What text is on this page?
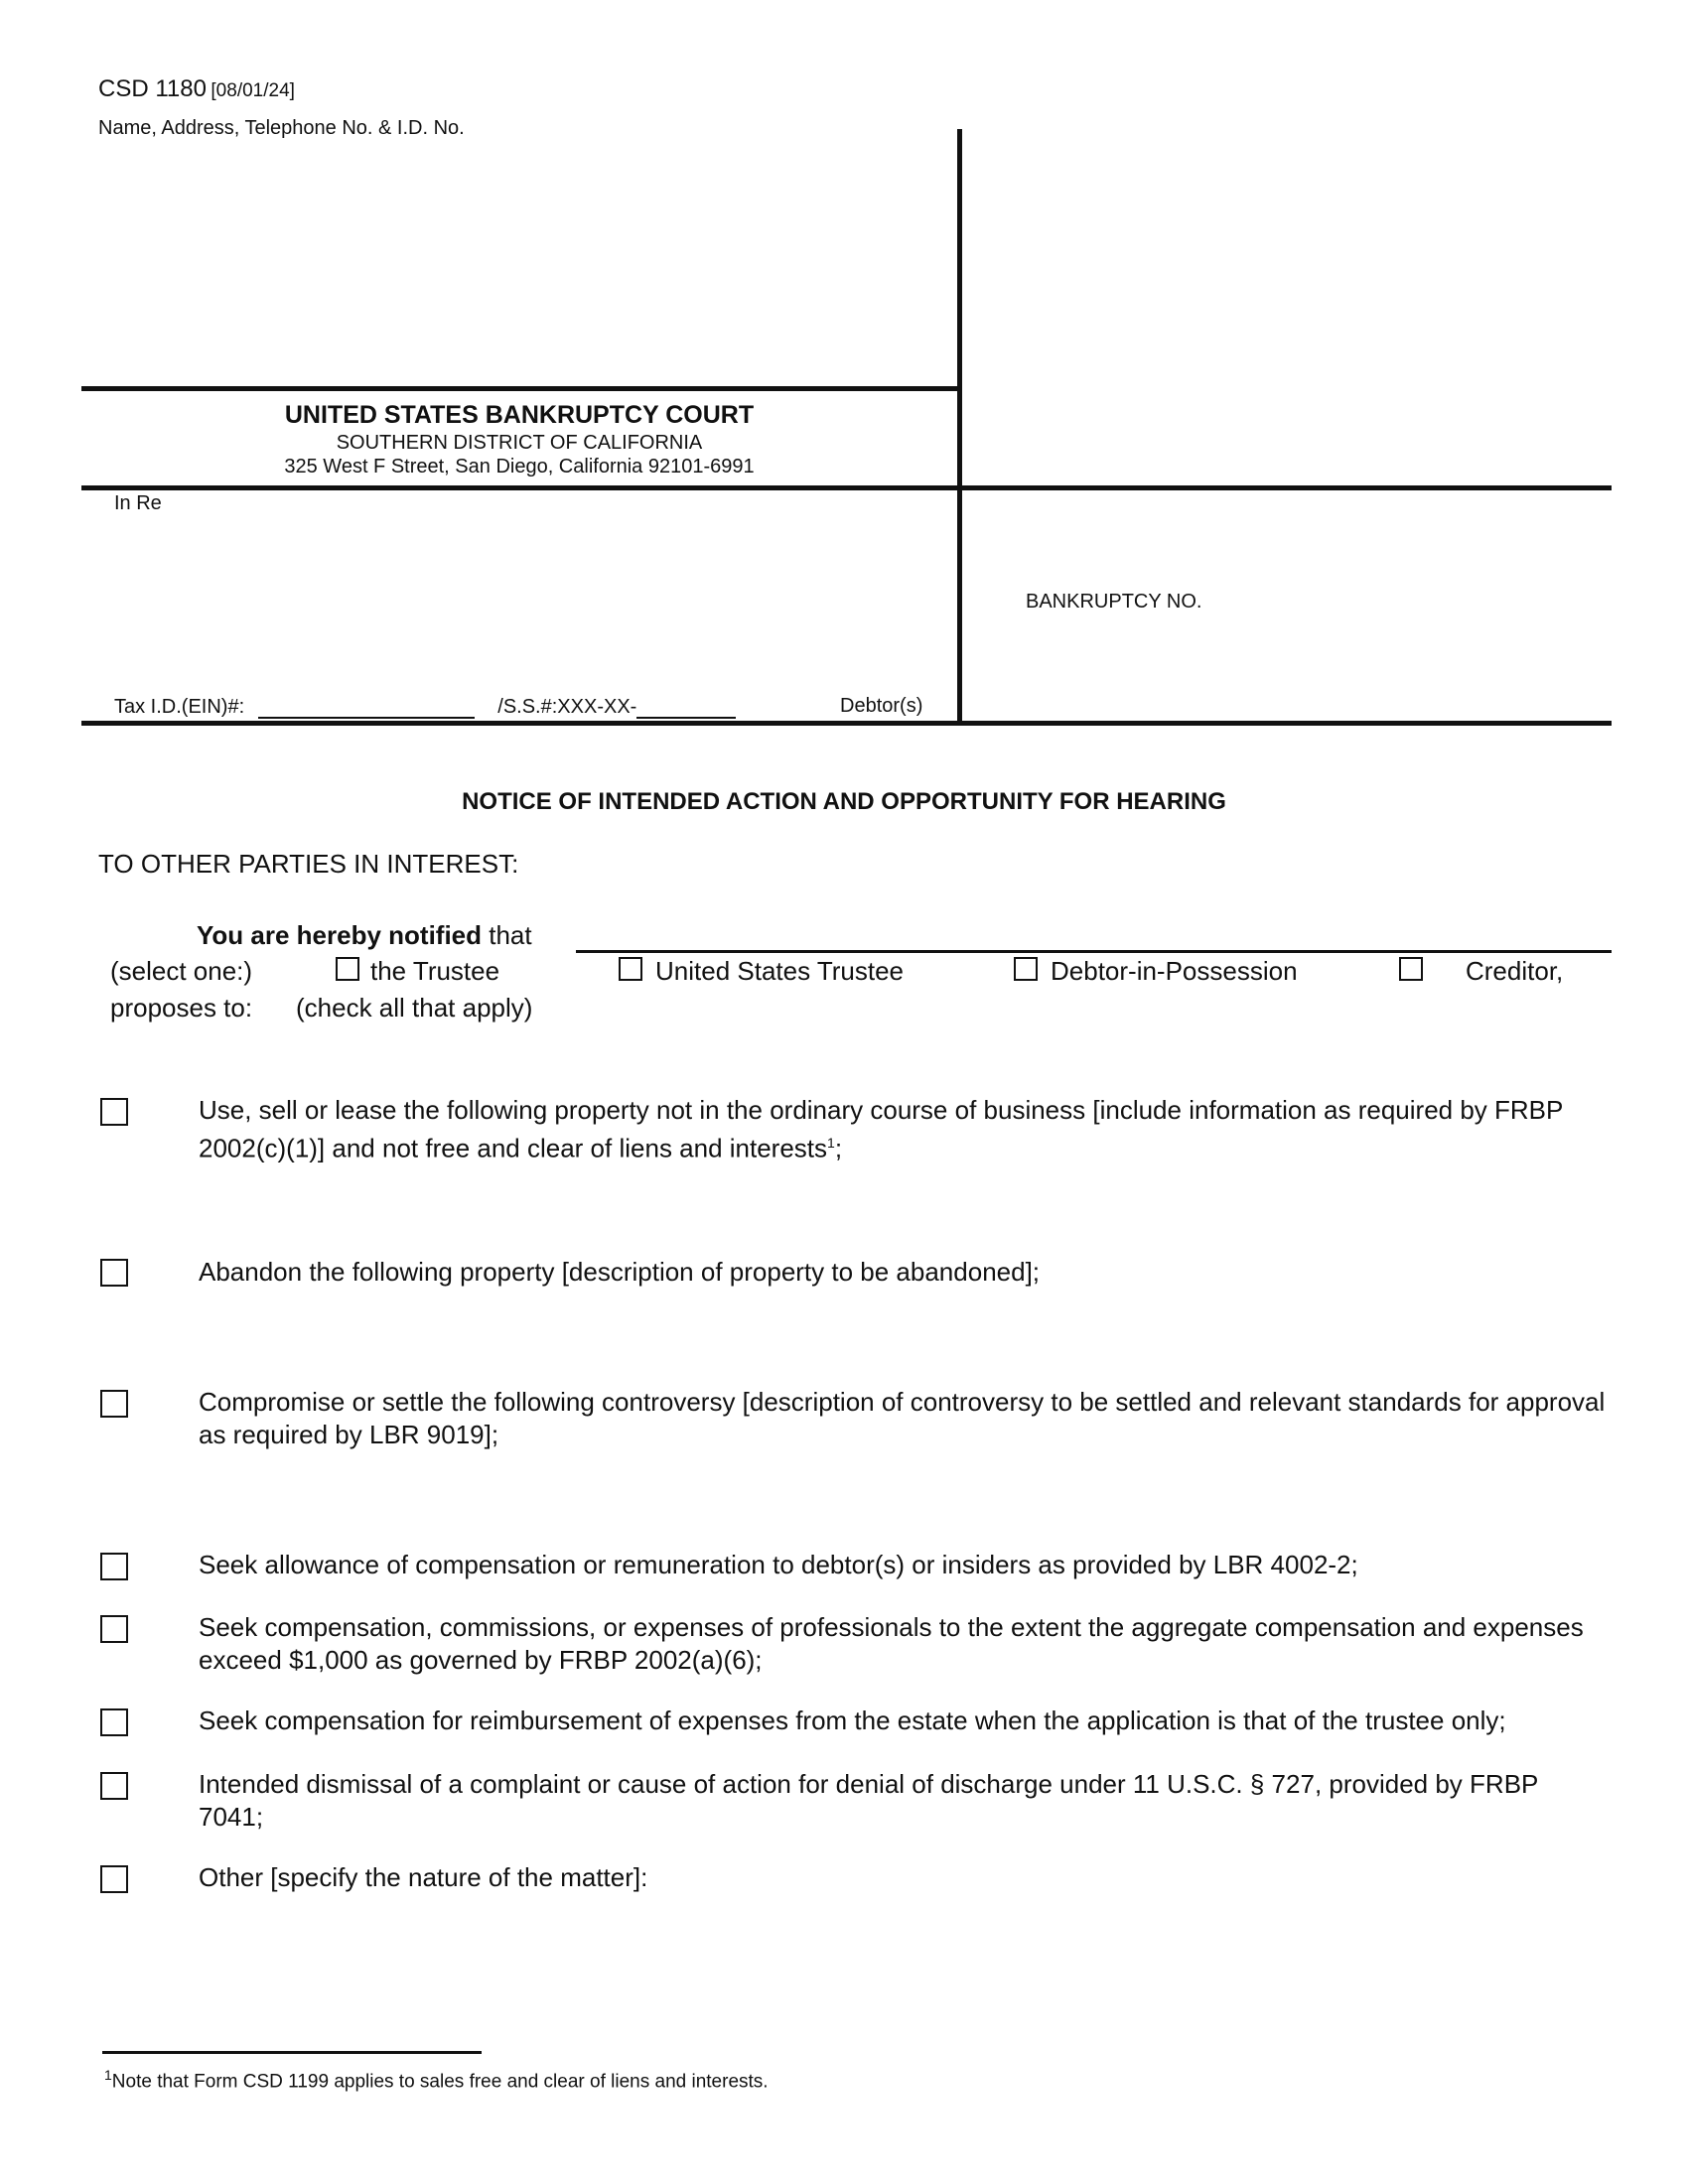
CSD 1180 [08/01/24]
Name, Address, Telephone No. & I.D. No.
UNITED STATES BANKRUPTCY COURT
SOUTHERN DISTRICT OF CALIFORNIA
325 West F Street, San Diego, California 92101-6991
In Re
BANKRUPTCY NO.
Tax I.D.(EIN)#:	/S.S.#:XXX-XX-	Debtor(s)
NOTICE OF INTENDED ACTION AND OPPORTUNITY FOR HEARING
TO OTHER PARTIES IN INTEREST:
You are hereby notified that
(select one:)
proposes to: (check all that apply)
the Trustee	United States Trustee	Debtor-in-Possession	Creditor,
Use, sell or lease the following property not in the ordinary course of business [include information as required by FRBP 2002(c)(1)] and not free and clear of liens and interests$^1$;
Abandon the following property [description of property to be abandoned];
Compromise or settle the following controversy [description of controversy to be settled and relevant standards for approval as required by LBR 9019];
Seek allowance of compensation or remuneration to debtor(s) or insiders as provided by LBR 4002-2;
Seek compensation, commissions, or expenses of professionals to the extent the aggregate compensation and expenses exceed $1,000 as governed by FRBP 2002(a)(6);
Seek compensation for reimbursement of expenses from the estate when the application is that of the trustee only;
Intended dismissal of a complaint or cause of action for denial of discharge under 11 U.S.C. § 727, provided by FRBP 7041;
Other [specify the nature of the matter]:
$^1$Note that Form CSD 1199 applies to sales free and clear of liens and interests.
